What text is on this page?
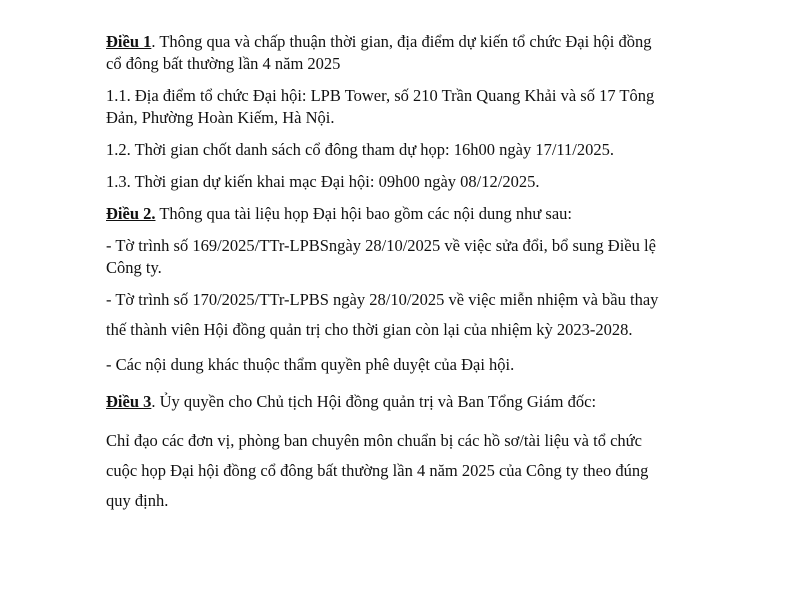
Điều 1. Thông qua và chấp thuận thời gian, địa điểm dự kiến tổ chức Đại hội đồng
cổ đông bất thường lần 4 năm 2025
1.1. Địa điểm tổ chức Đại hội: LPB Tower, số 210 Trần Quang Khải và số 17 Tông
Đản, Phường Hoàn Kiếm, Hà Nội.
1.2. Thời gian chốt danh sách cổ đông tham dự họp: 16h00 ngày 17/11/2025.
1.3. Thời gian dự kiến khai mạc Đại hội: 09h00 ngày 08/12/2025.
Điều 2. Thông qua tài liệu họp Đại hội bao gồm các nội dung như sau:
- Tờ trình số 169/2025/TTr-LPBSngày 28/10/2025 về việc sửa đổi, bổ sung Điều lệ
Công ty.
- Tờ trình số 170/2025/TTr-LPBS ngày 28/10/2025 về việc miễn nhiệm và bầu thay
thế thành viên Hội đồng quản trị cho thời gian còn lại của nhiệm kỳ 2023-2028.
- Các nội dung khác thuộc thẩm quyền phê duyệt của Đại hội.
Điều 3. Ủy quyền cho Chủ tịch Hội đồng quản trị và Ban Tổng Giám đốc:
Chỉ đạo các đơn vị, phòng ban chuyên môn chuẩn bị các hồ sơ/tài liệu và tổ chức
cuộc họp Đại hội đồng cổ đông bất thường lần 4 năm 2025 của Công ty theo đúng
quy định.
